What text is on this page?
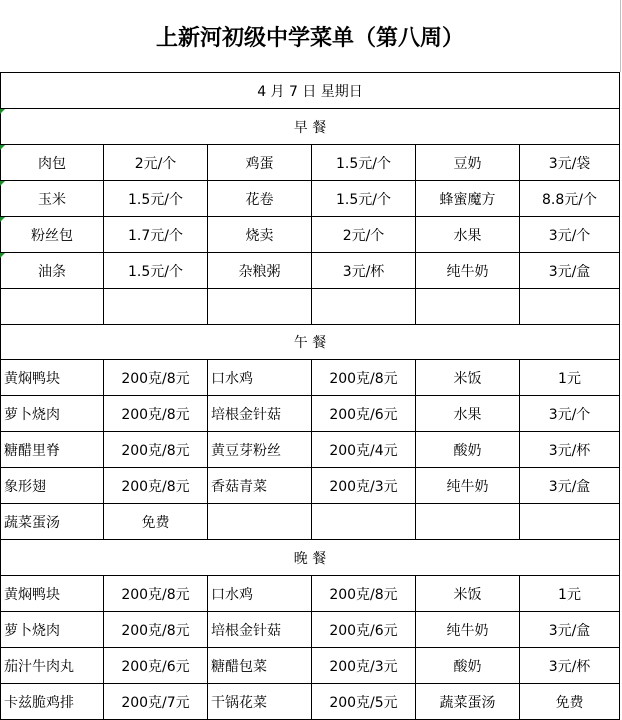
上新河初级中学菜单（第八周）
4 月 7 日 星期日
早 餐
肉包	2元/个	鸡蛋	1.5元/个	豆奶	3元/袋
玉米	1.5元/个	花卷	1.5元/个	蜂蜜魔方	8.8元/个
粉丝包	1.7元/个	烧卖	2元/个	水果	3元/个
油条	1.5元/个	杂粮粥	3元/杯	纯牛奶	3元/盒
午 餐
黄焖鸭块	200克/8元	口水鸡	200克/8元	米饭	1元
萝卜烧肉	200克/8元	培根金针菇	200克/6元	水果	3元/个
糖醋里脊	200克/8元	黄豆芽粉丝	200克/4元	酸奶	3元/杯
象形翅	200克/8元	香菇青菜	200克/3元	纯牛奶	3元/盒
蔬菜蛋汤	免费
晚 餐
黄焖鸭块	200克/8元	口水鸡	200克/8元	米饭	1元
萝卜烧肉	200克/8元	培根金针菇	200克/6元	纯牛奶	3元/盒
茄汁牛肉丸	200克/6元	糖醋包菜	200克/3元	酸奶	3元/杯
卡兹脆鸡排	200克/7元	干锅花菜	200克/5元	蔬菜蛋汤	免费
